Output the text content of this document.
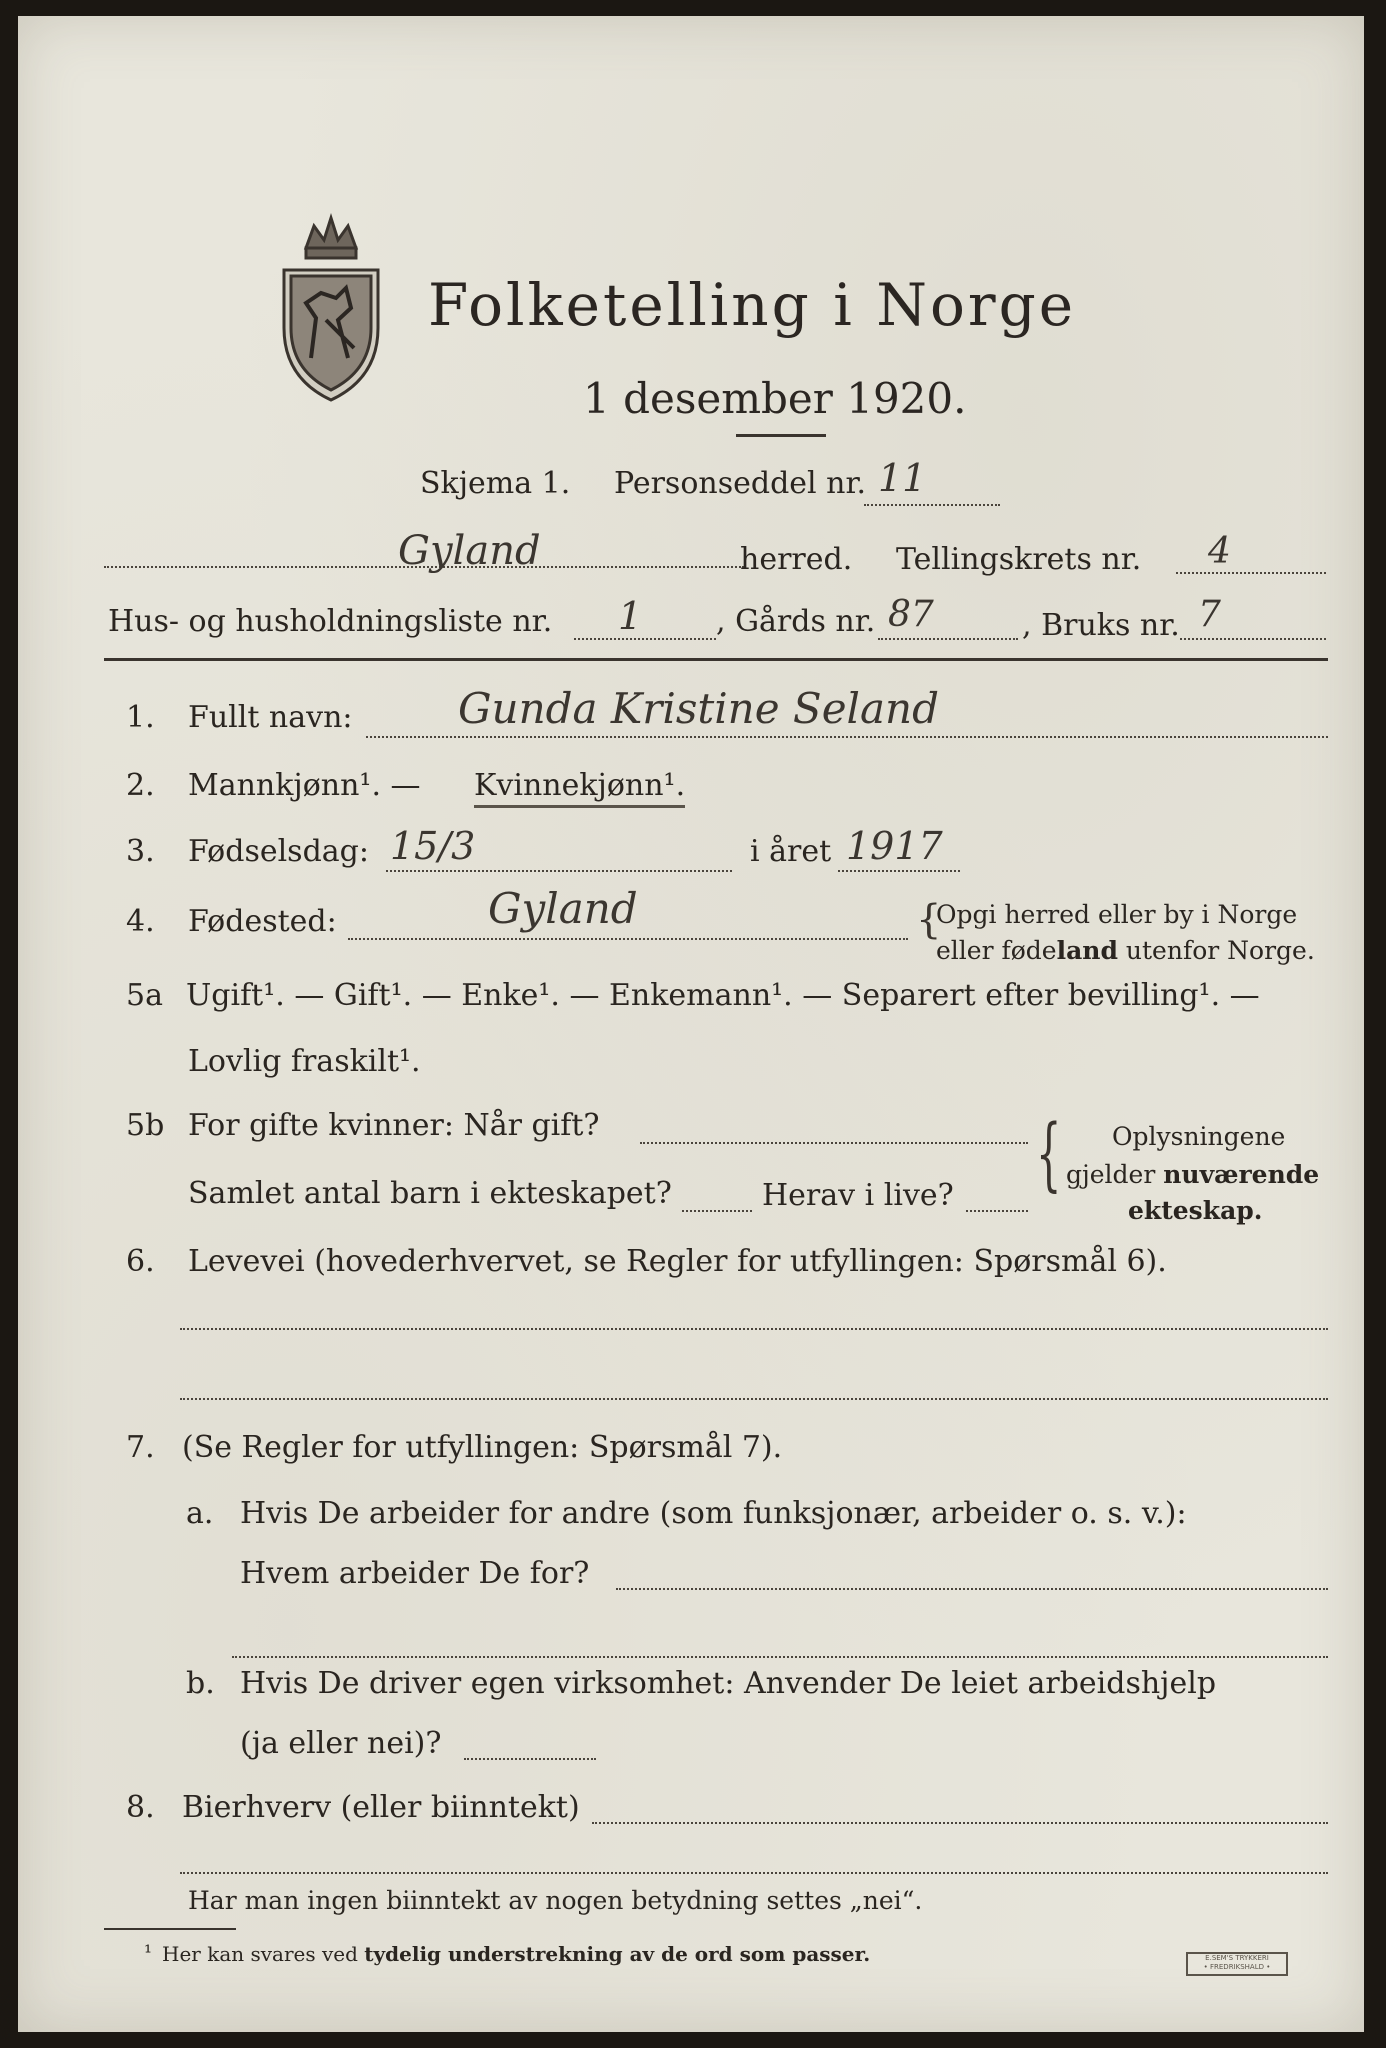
Folketelling i Norge
1 desember 1920.
Skjema 1. Personseddel nr. 11
Gyland	herred. Tellingskrets nr. 4
Hus- og husholdningsliste nr. 1 , Gårds nr. 87	, Bruks nr. 7
1. Fullt navn:	Gunda Kristine Seland
2. Mannkjønn¹. — Kvinnekjønn¹.
3. Fødselsdag: 15/3	i året 1917
4. Fødested:	Gyland	{
Opgi herred eller by i Norge
eller fødeland utenfor Norge.
5a Ugift¹. — Gift¹. — Enke¹. — Enkemann¹. — Separert efter bevilling¹. —
Lovlig fraskilt¹.
5b For gifte kvinner: Når gift?
Samlet antal barn i ekteskapet?	Herav i live? { Oplysningene
gjelder nuværende
ekteskap.
6. Levevei (hovederhvervet, se Regler for utfyllingen: Spørsmål 6).
7. (Se Regler for utfyllingen: Spørsmål 7).
a. Hvis De arbeider for andre (som funksjonær, arbeider o. s. v.):
Hvem arbeider De for?
b. Hvis De driver egen virksomhet: Anvender De leiet arbeidshjelp
(ja eller nei)?
8. Bierhverv (eller biinntekt)
Har man ingen biinntekt av nogen betydning settes „nei“.
¹ Her kan svares ved tydelig understrekning av de ord som passer.	E.SEM'S TRYKKERI
• FREDRIKSHALD •
